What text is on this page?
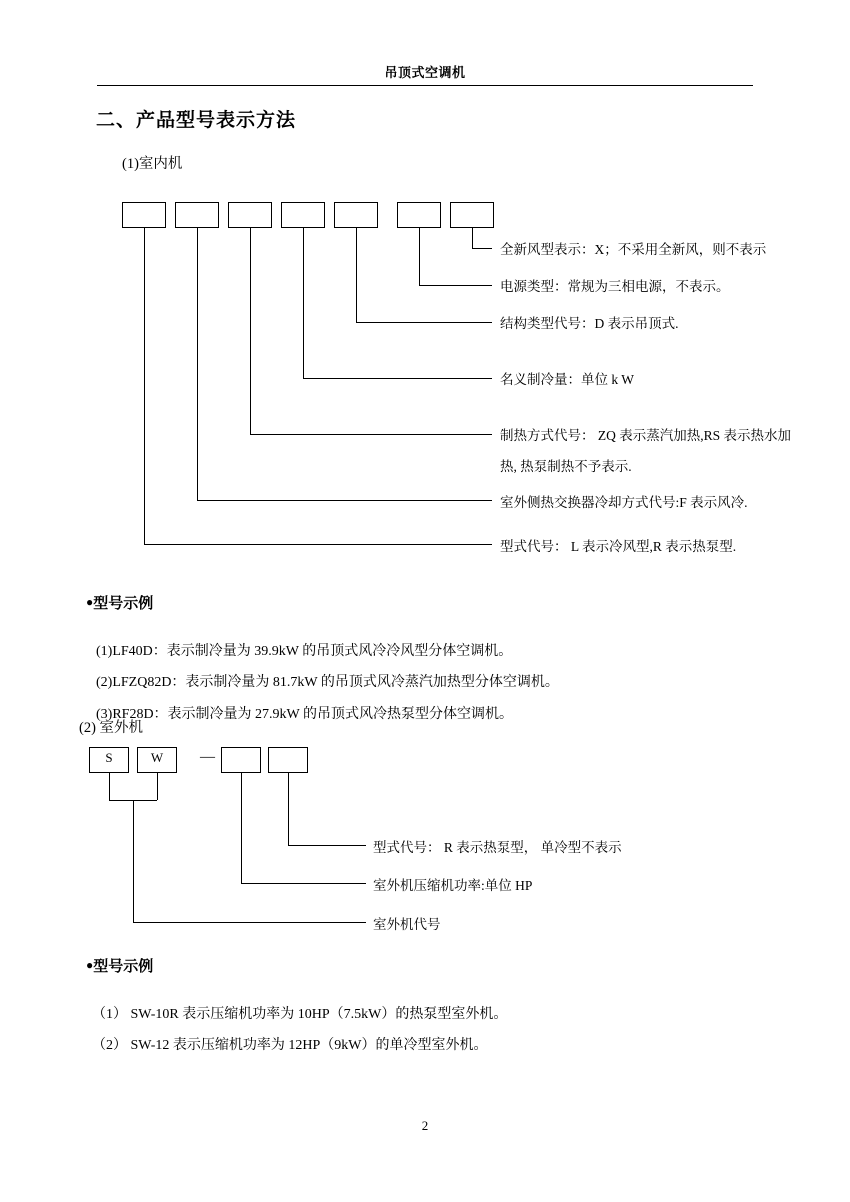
吊顶式空调机
二、产品型号表示方法
(1)室内机
全新风型表示：X；不采用全新风，则不表示
电源类型：常规为三相电源，不表示。
结构类型代号：D 表示吊顶式.
名义制冷量：单位 k W
制热方式代号： ZQ 表示蒸汽加热,RS 表示热水加
热, 热泵制热不予表示.
室外侧热交换器冷却方式代号:F 表示风冷.
型式代号： L 表示冷风型,R 表示热泵型.
●型号示例
(1)LF40D：表示制冷量为 39.9kW 的吊顶式风冷冷风型分体空调机。
(2)LFZQ82D：表示制冷量为 81.7kW 的吊顶式风冷蒸汽加热型分体空调机。
(3)RF28D：表示制冷量为 27.9kW 的吊顶式风冷热泵型分体空调机。
S	W	—
型式代号： R 表示热泵型， 单冷型不表示
室外机压缩机功率:单位 HP
室外机代号
(2) 室外机
●型号示例
（1） SW-10R 表示压缩机功率为 10HP（7.5kW）的热泵型室外机。
（2） SW-12 表示压缩机功率为 12HP（9kW）的单冷型室外机。
2
